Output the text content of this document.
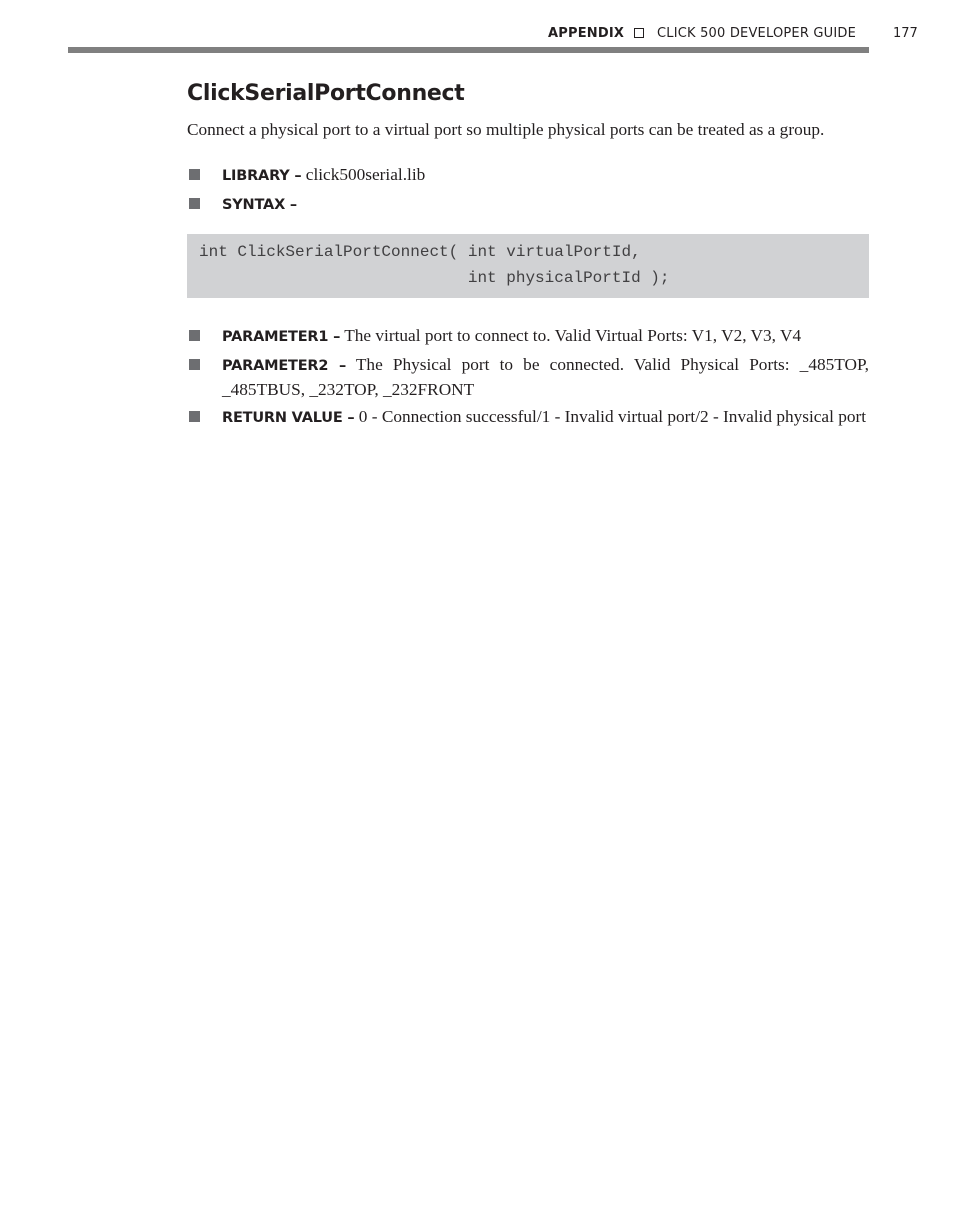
APPENDIX	CLICK 500 DEVELOPER GUIDE	177
ClickSerialPortConnect

Connect a physical port to a virtual port so multiple physical ports can be treated as a group.

LIBRARY – click500serial.lib
SYNTAX –
int ClickSerialPortConnect( int virtualPortId,
int physicalPortId );
PARAMETER1 – The virtual port to connect to. Valid Virtual Ports: V1, V2, V3, V4
PARAMETER2 – The Physical port to be connected. Valid Physical Ports: _485TOP, _485TBUS, _232TOP, _232FRONT
RETURN VALUE – 0 - Connection successful/1 - Invalid virtual port/2 - Invalid physical port
